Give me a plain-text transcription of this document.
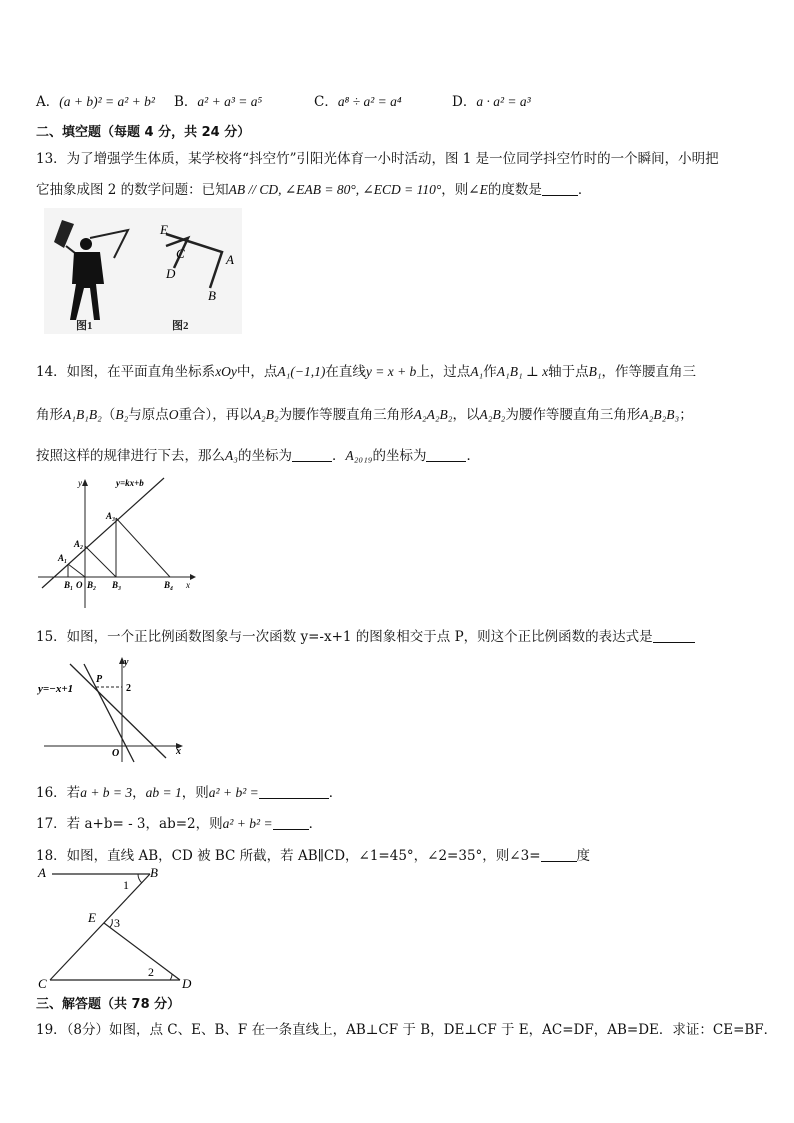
A．(a + b)² = a² + b² B．a² + a³ = a⁵	C．a⁸ ÷ a² = a⁴	D．a · a² = a³
二、填空题（每题 4 分，共 24 分）
13．为了增强学生体质，某学校将“抖空竹”引阳光体育一小时活动，图 1 是一位同学抖空竹时的一个瞬间，小明把
它抽象成图 2 的数学问题：已知AB // CD, ∠EAB = 80°, ∠ECD = 110°，则∠E的度数是	．
图1
E
C
D
A
B
图2
14．如图，在平面直角坐标系xOy中，点A₁(−1,1)在直线y = x + b上，过点A₁作A₁B₁ ⊥ x轴于点B₁，作等腰直角三
角形A₁B₁B₂（B₂与原点O重合），再以A₂B₂为腰作等腰直角三角形A₂A₂B₂，以A₂B₂为腰作等腰直角三角形A₂B₂B₃；
按照这样的规律进行下去，那么A₃的坐标为	．A₂₀₁₉的坐标为	．
y	y=kx+b
A₁
A₂
A₃
B₁ O B₂ B₃	B₄ x
15．如图，一个正比例函数图象与一次函数 y=-x+1 的图象相交于点 P，则这个正比例函数的表达式是
y
y=−x+1
P
2
O	x
16．若a + b = 3，ab = 1，则a² + b² =	．
17．若 a+b= - 3，ab=2，则a² + b² =	．
18．如图，直线 AB，CD 被 BC 所截，若 AB∥CD，∠1=45°，∠2=35°，则∠3=	度
A	B
1
E 3
2
C	D
三、解答题（共 78 分）
19．（8分）如图，点 C、E、B、F 在一条直线上，AB⊥CF 于 B，DE⊥CF 于 E，AC=DF，AB=DE．求证：CE=BF．
